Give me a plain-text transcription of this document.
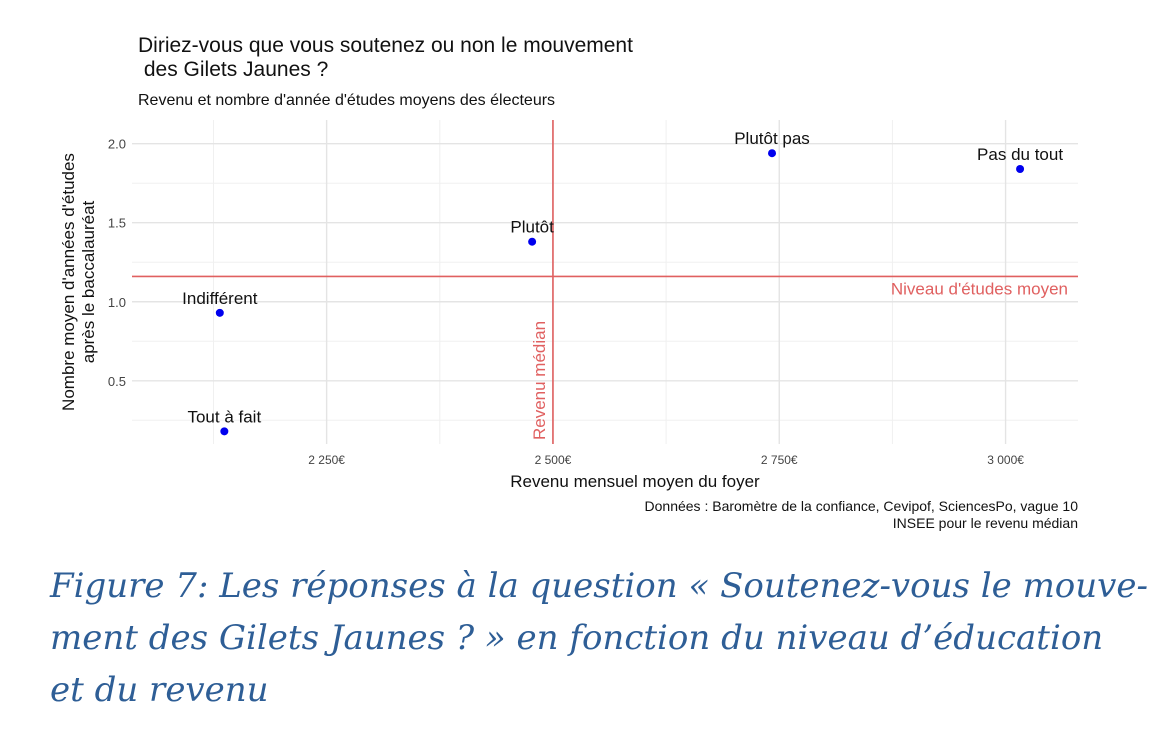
Diriez-vous que vous soutenez ou non le mouvement
des Gilets Jaunes ?
Revenu et nombre d'année d'études moyens des électeurs
2 250€	2 500€	2 750€	3 000€
0.5
1.0
1.5
2.0
Revenu médian
Niveau d'études moyen
Tout à fait
Indifférent
Plutôt
Plutôt pas
Pas du tout
Revenu mensuel moyen du foyer
Nombre moyen d'années d'études après le baccalauréat
Données : Baromètre de la confiance, Cevipof, SciencesPo, vague 10
INSEE pour le revenu médian
Figure 7: Les réponses à la question « Soutenez-vous le mouve-
ment des Gilets Jaunes ? » en fonction du niveau d’éducation
et du revenu
